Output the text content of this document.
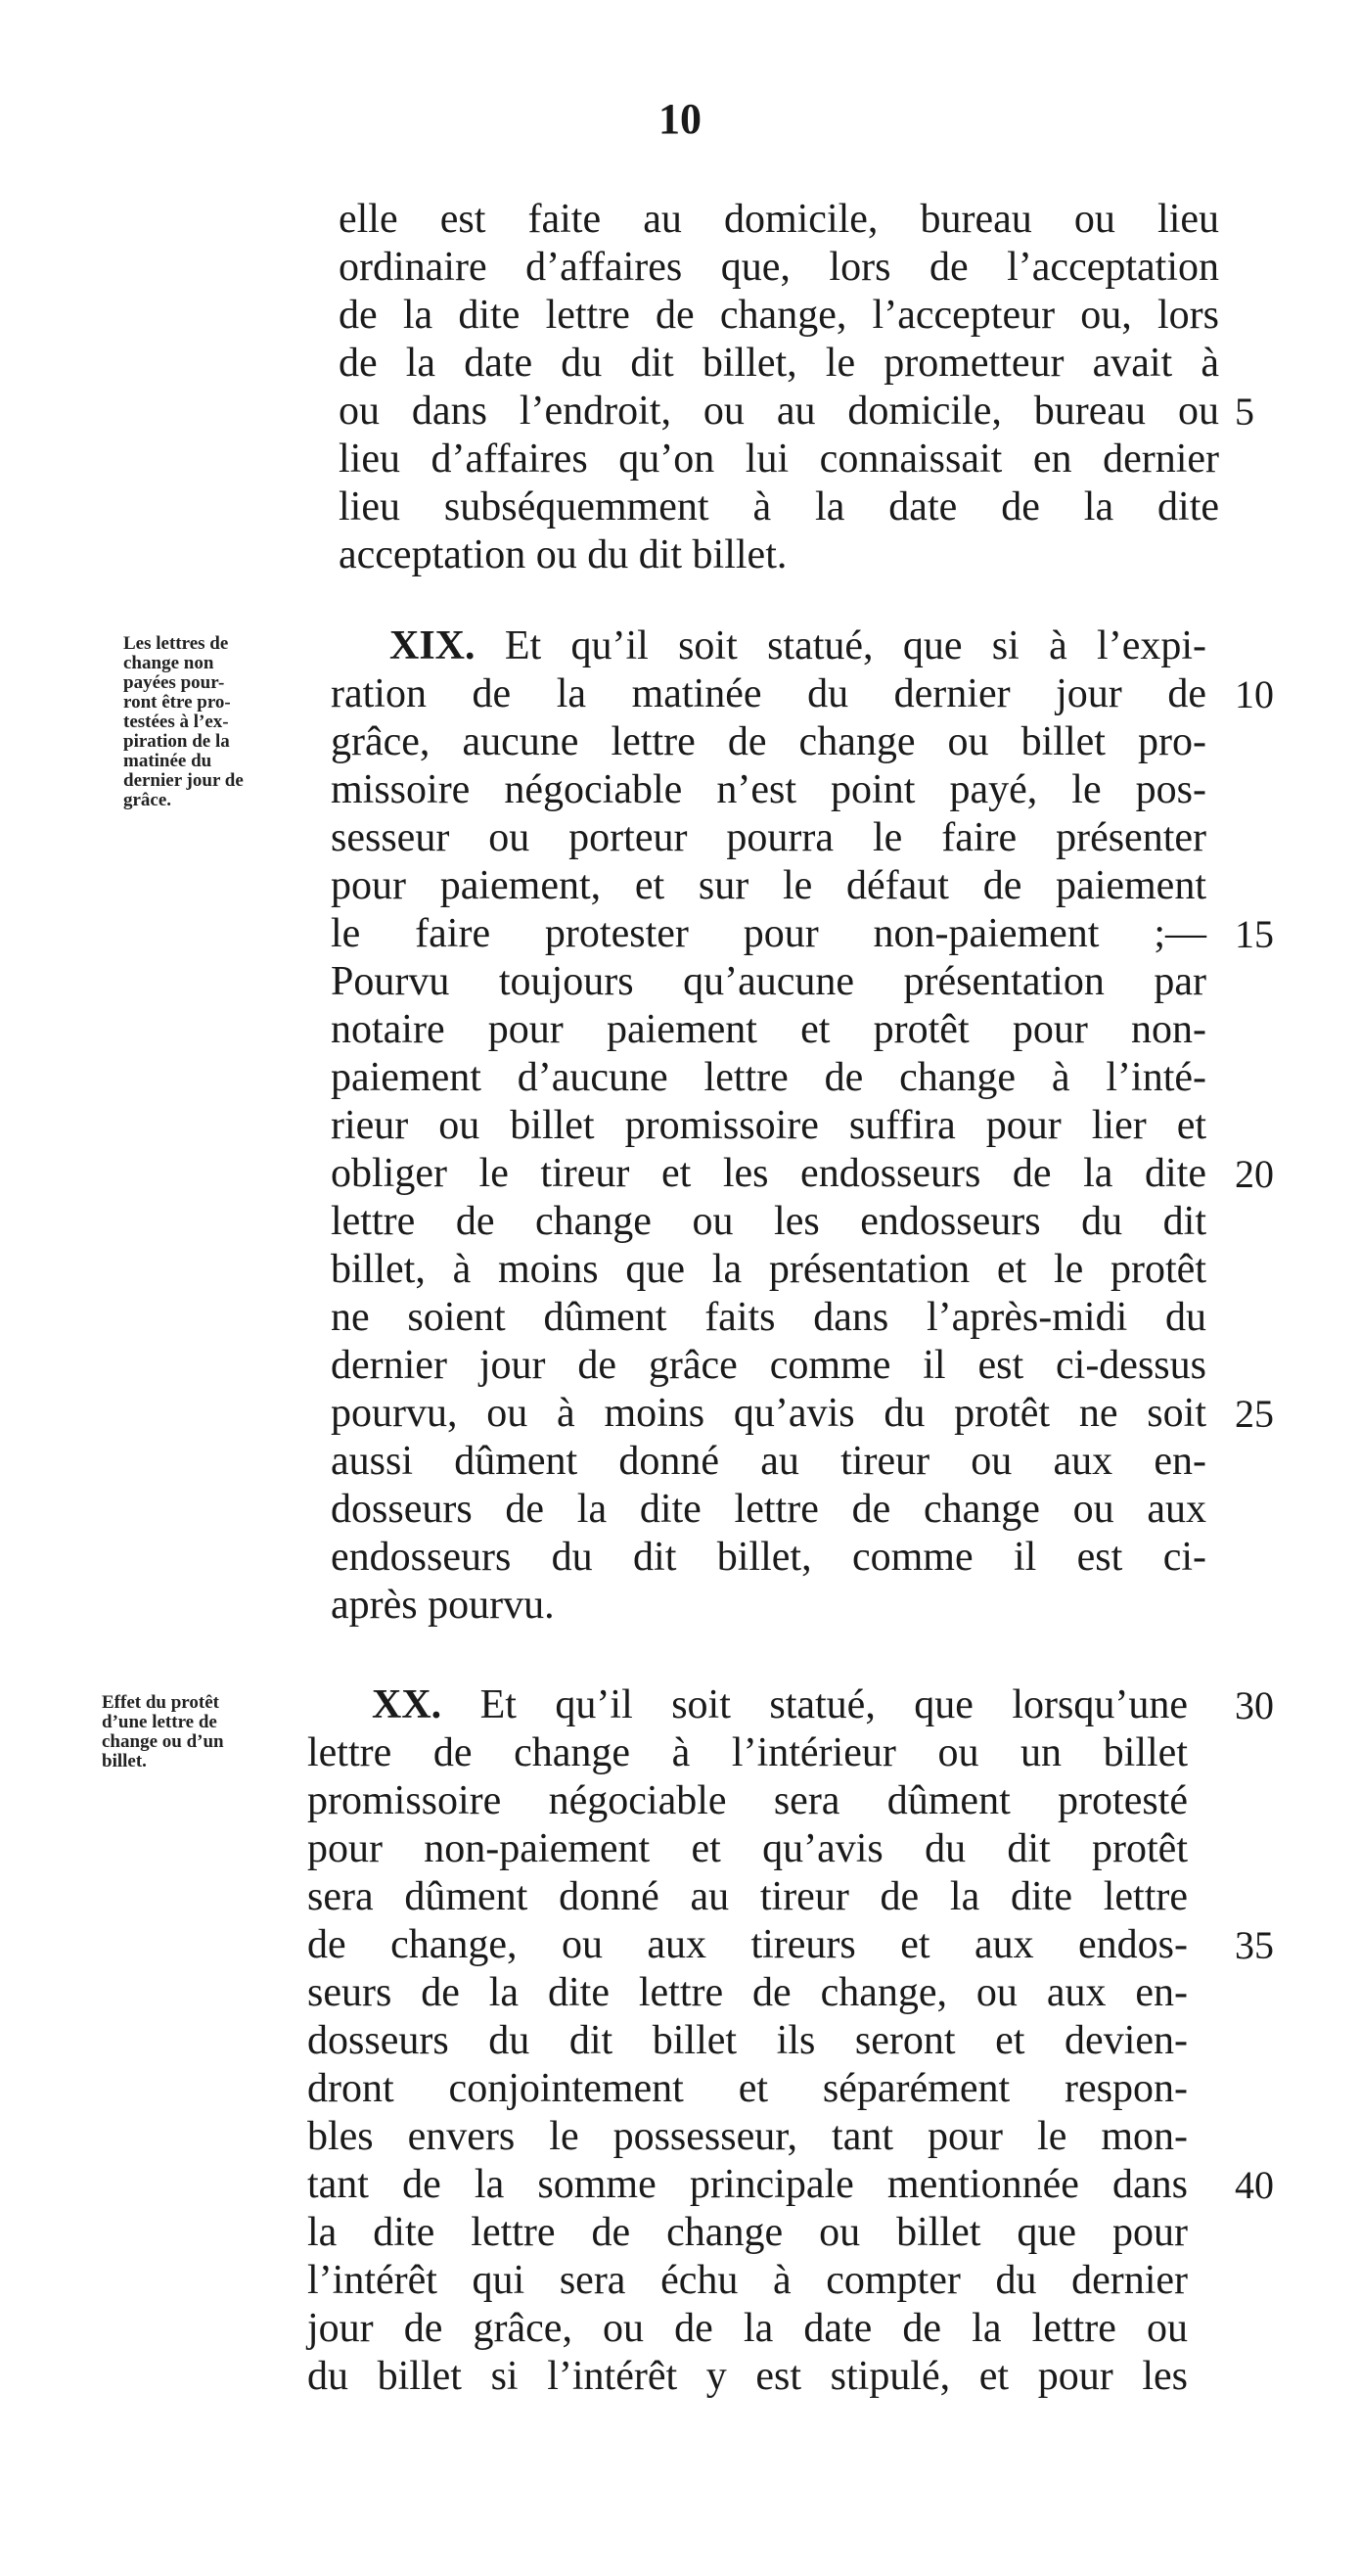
10
elle est faite au domicile, bureau ou lieu
ordinaire d’affaires que, lors de l’acceptation
de la dite lettre de change, l’accepteur ou, lors
de la date du dit billet, le prometteur avait à
ou dans l’endroit, ou au domicile, bureau ou
lieu d’affaires qu’on lui connaissait en dernier
lieu subséquemment à la date de la dite
acceptation ou du dit billet.
Les lettres de
change non
payées pour-
ront être pro-
testées à l’ex-
piration de la
matinée du
dernier jour de
grâce.
XIX. Et qu’il soit statué, que si à l’expi-
ration de la matinée du dernier jour de
grâce, aucune lettre de change ou billet pro-
missoire négociable n’est point payé, le pos-
sesseur ou porteur pourra le faire présenter
pour paiement, et sur le défaut de paiement
le faire protester pour non-paiement ;—
Pourvu toujours qu’aucune présentation par
notaire pour paiement et protêt pour non-
paiement d’aucune lettre de change à l’inté-
rieur ou billet promissoire suffira pour lier et
obliger le tireur et les endosseurs de la dite
lettre de change ou les endosseurs du dit
billet, à moins que la présentation et le protêt
ne soient dûment faits dans l’après-midi du
dernier jour de grâce comme il est ci-dessus
pourvu, ou à moins qu’avis du protêt ne soit
aussi dûment donné au tireur ou aux en-
dosseurs de la dite lettre de change ou aux
endosseurs du dit billet, comme il est ci-
après pourvu.
Effet du protêt
d’une lettre de
change ou d’un
billet.
XX. Et qu’il soit statué, que lorsqu’une
lettre de change à l’intérieur ou un billet
promissoire négociable sera dûment protesté
pour non-paiement et qu’avis du dit protêt
sera dûment donné au tireur de la dite lettre
de change, ou aux tireurs et aux endos-
seurs de la dite lettre de change, ou aux en-
dosseurs du dit billet ils seront et devien-
dront conjointement et séparément respon-
bles envers le possesseur, tant pour le mon-
tant de la somme principale mentionnée dans
la dite lettre de change ou billet que pour
l’intérêt qui sera échu à compter du dernier
jour de grâce, ou de la date de la lettre ou
du billet si l’intérêt y est stipulé, et pour les
5
10
15
20
25
30
35
40
